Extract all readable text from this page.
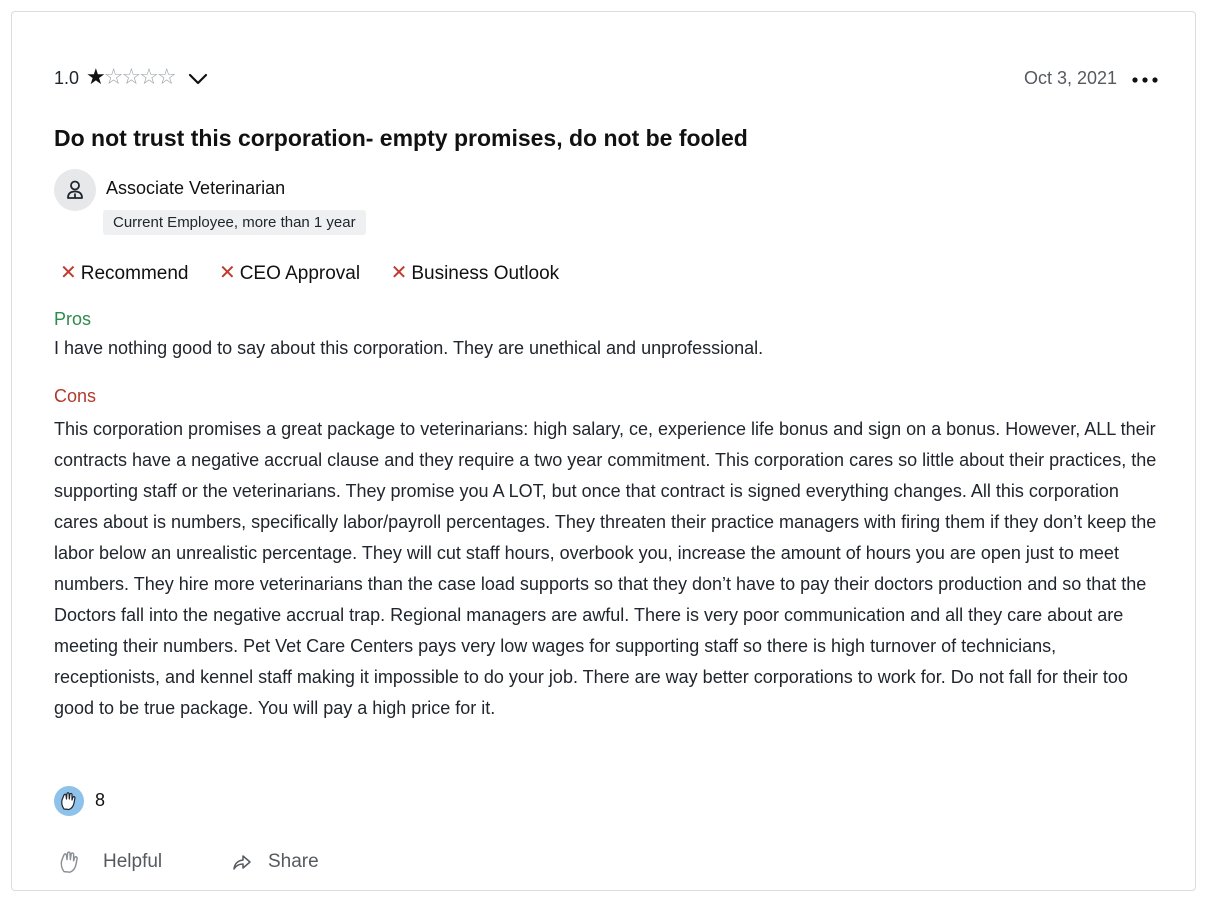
1.0 ★☆☆☆☆	Oct 3, 2021
Do not trust this corporation- empty promises, do not be fooled
Associate Veterinarian
Current Employee, more than 1 year
✕ Recommend ✕ CEO Approval ✕ Business Outlook
Pros
I have nothing good to say about this corporation. They are unethical and unprofessional.
Cons
This corporation promises a great package to veterinarians: high salary, ce, experience life bonus and sign on a bonus. However, ALL their contracts have a negative accrual clause and they require a two year commitment. This corporation cares so little about their practices, the supporting staff or the veterinarians. They promise you A LOT, but once that contract is signed everything changes. All this corporation cares about is numbers, specifically labor/payroll percentages. They threaten their practice managers with firing them if they don’t keep the labor below an unrealistic percentage. They will cut staff hours, overbook you, increase the amount of hours you are open just to meet numbers. They hire more veterinarians than the case load supports so that they don’t have to pay their doctors production and so that the Doctors fall into the negative accrual trap. Regional managers are awful. There is very poor communication and all they care about are meeting their numbers. Pet Vet Care Centers pays very low wages for supporting staff so there is high turnover of technicians, receptionists, and kennel staff making it impossible to do your job. There are way better corporations to work for. Do not fall for their too good to be true package. You will pay a high price for it.
8
Helpful	Share
